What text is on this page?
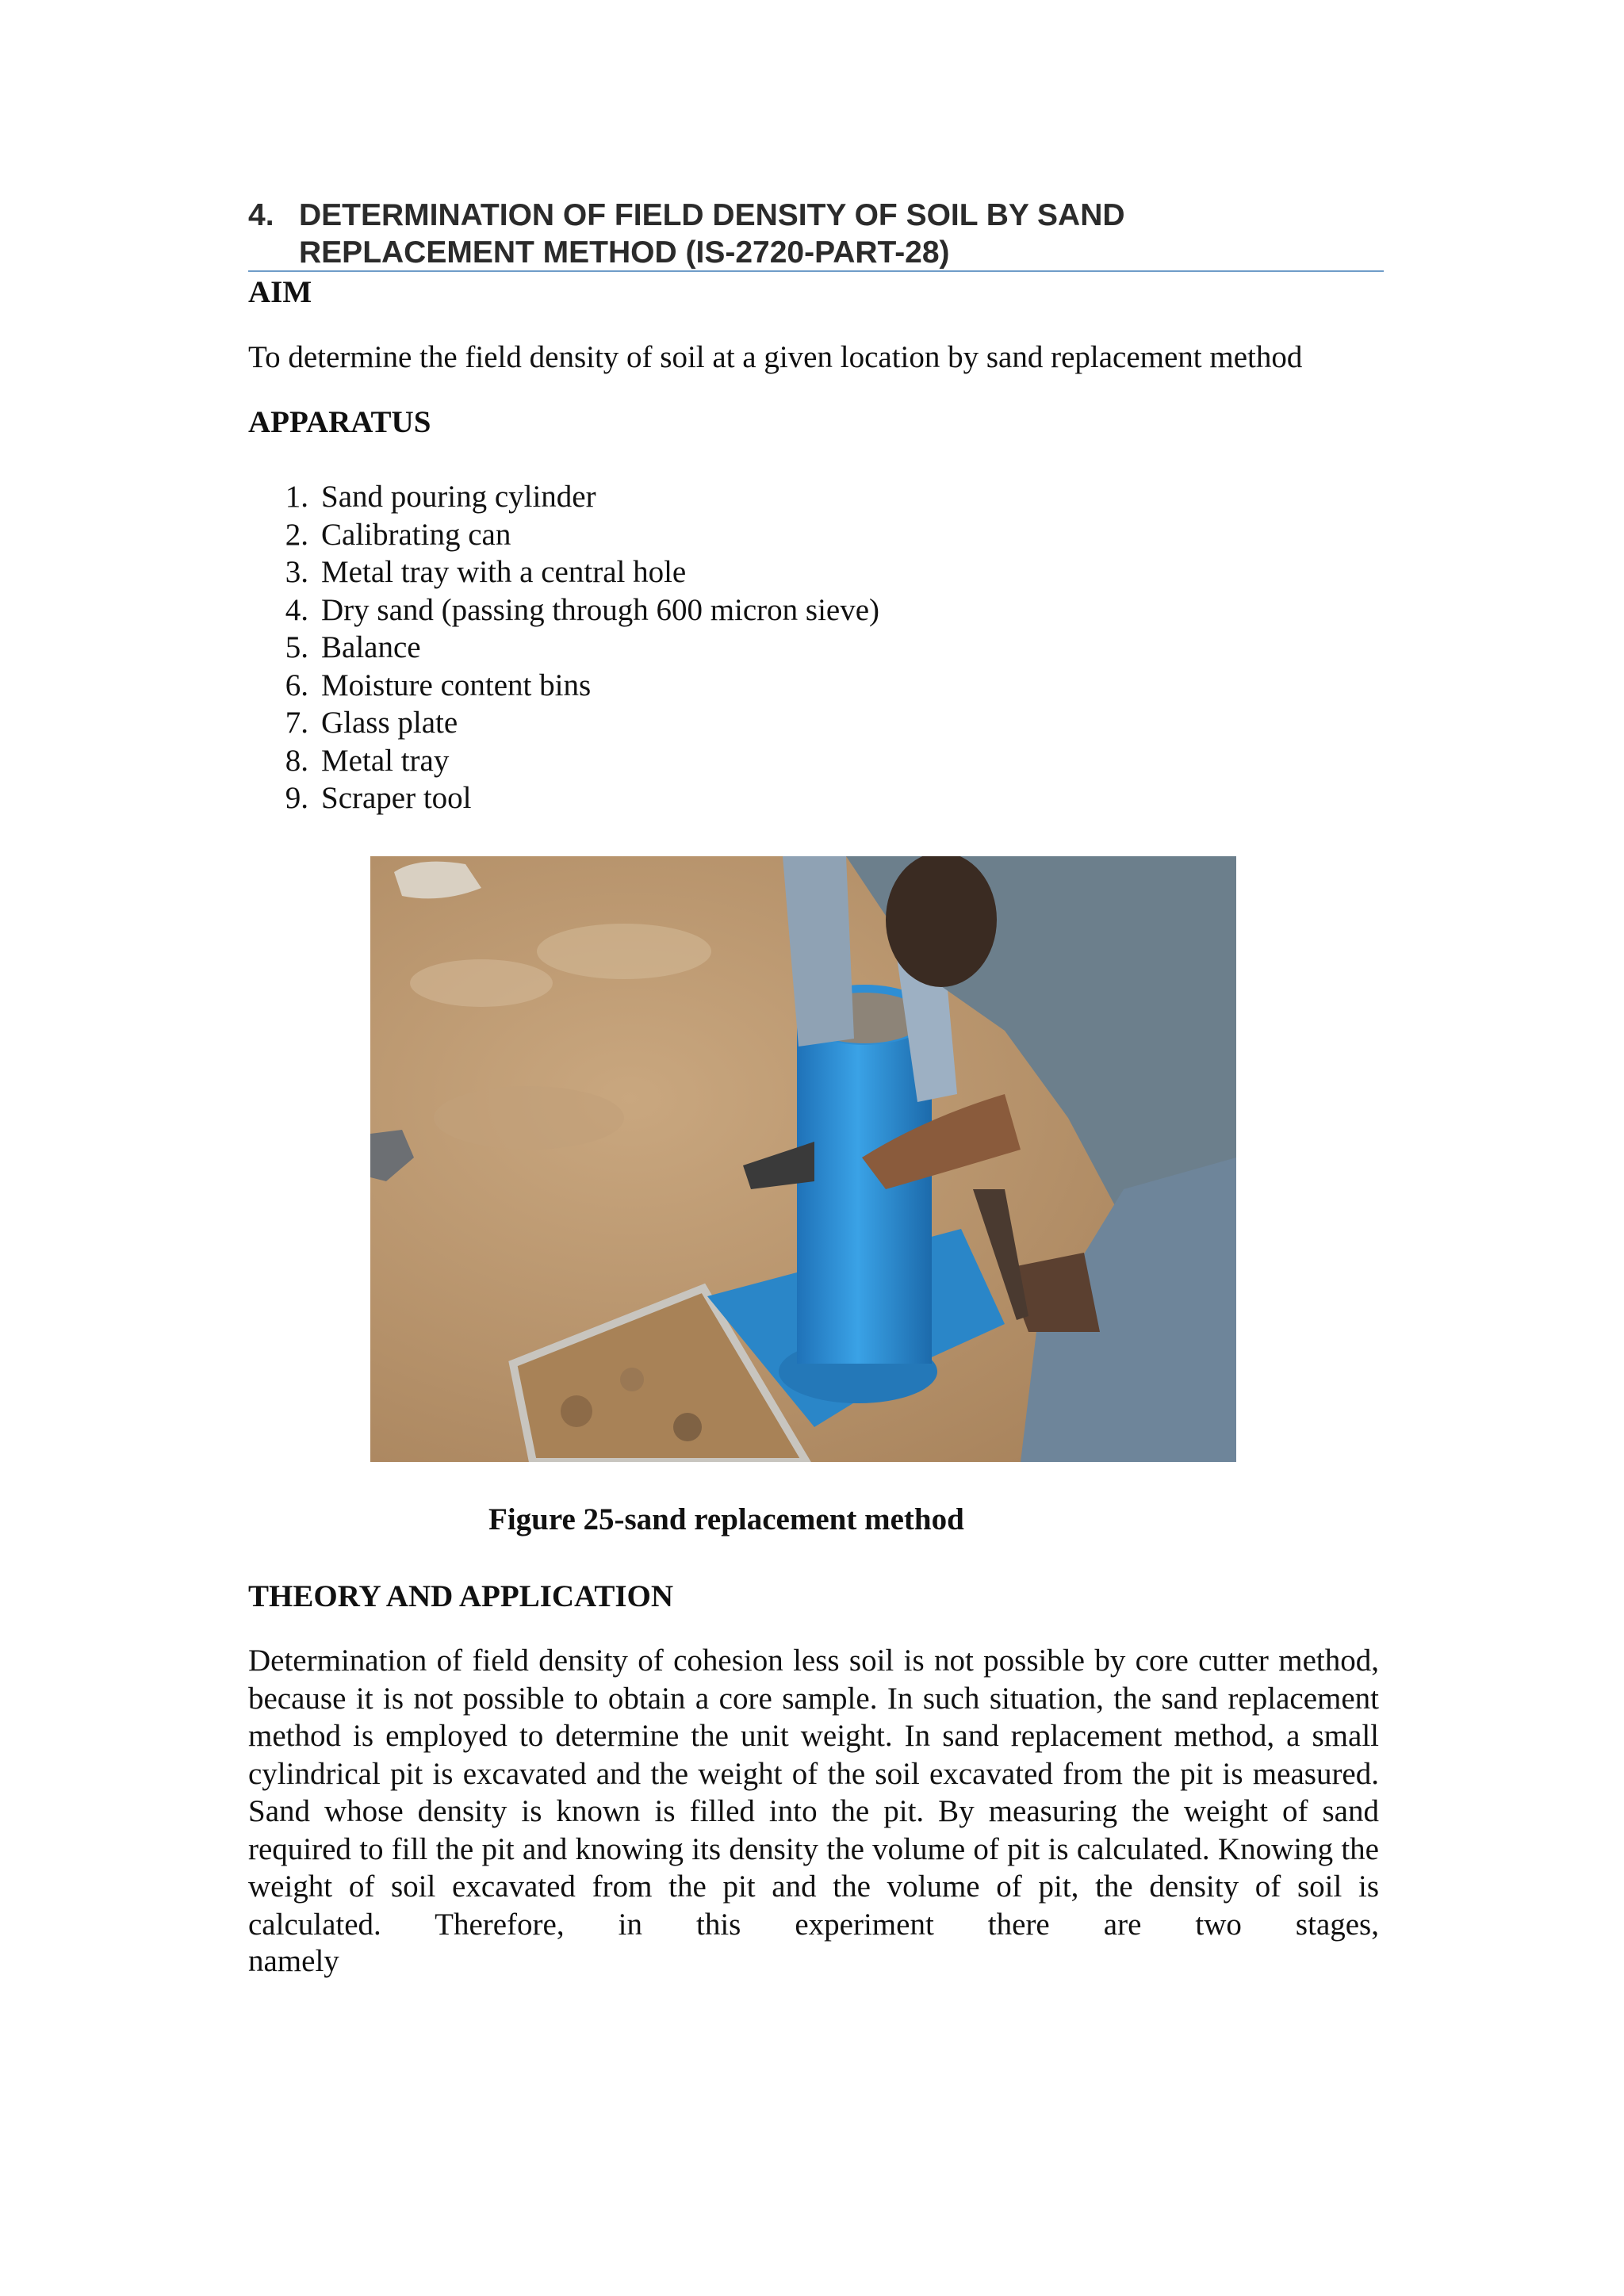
4. DETERMINATION OF FIELD DENSITY OF SOIL BY SAND
REPLACEMENT METHOD (IS-2720-PART-28)
AIM
To determine the field density of soil at a given location by sand replacement method
APPARATUS
1. Sand pouring cylinder
2. Calibrating can
3. Metal tray with a central hole
4. Dry sand (passing through 600 micron sieve)
5. Balance
6. Moisture content bins
7. Glass plate
8. Metal tray
9. Scraper tool
Figure 25-sand replacement method
THEORY AND APPLICATION
Determination of field density of cohesion less soil is not possible by core cutter method, because it is not possible to obtain a core sample. In such situation, the sand replacement method is employed to determine the unit weight. In sand replacement method, a small cylindrical pit is excavated and the weight of the soil excavated from the pit is measured. Sand whose density is known is filled into the pit. By measuring the weight of sand required to fill the pit and knowing its density the volume of pit is calculated. Knowing the weight of soil excavated from the pit and the volume of pit, the density of soil is calculated. Therefore, in this experiment there are two stages,
namely
